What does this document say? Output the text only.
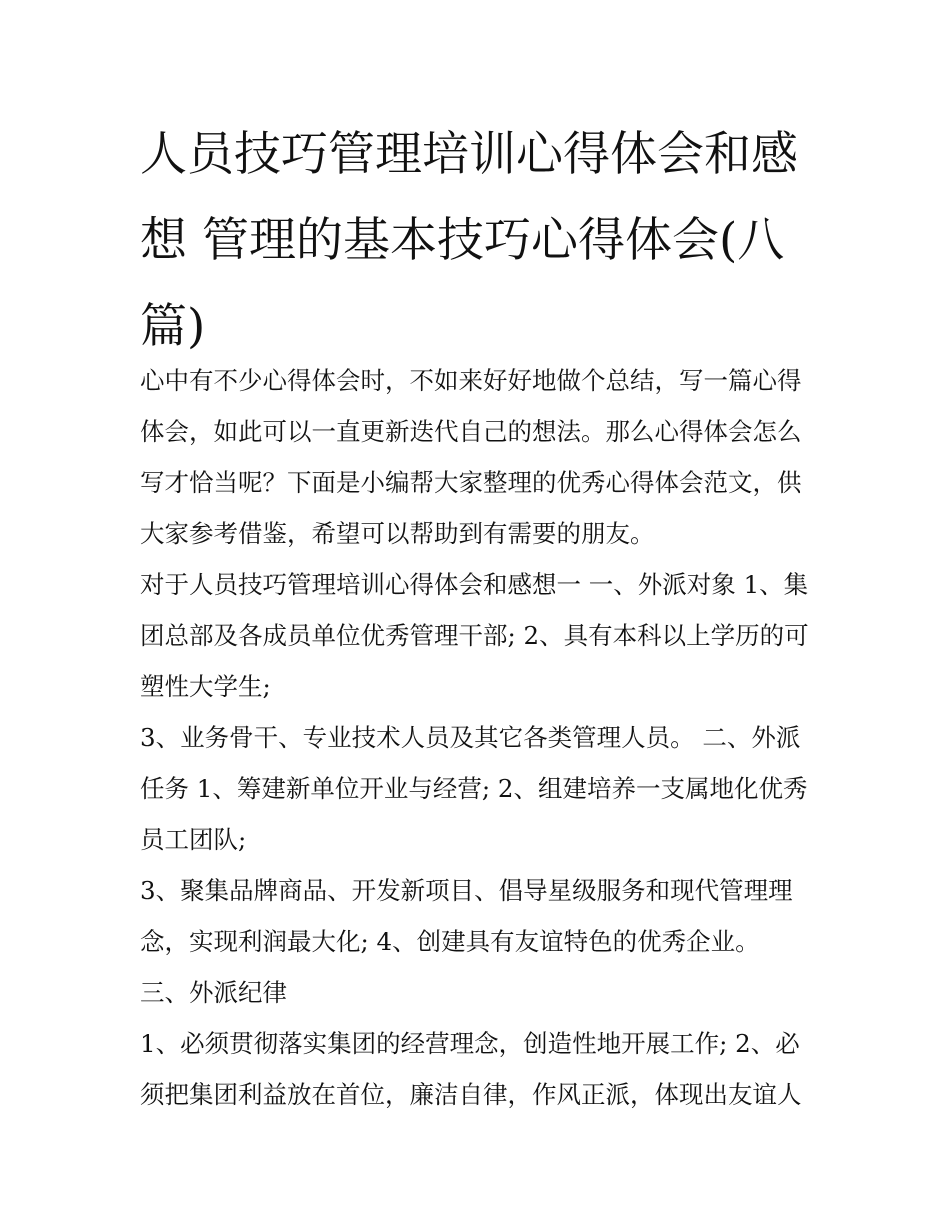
人员技巧管理培训心得体会和感想 管理的基本技巧心得体会(八篇)

心中有不少心得体会时，不如来好好地做个总结，写一篇心得体会，如此可以一直更新迭代自己的想法。那么心得体会怎么写才恰当呢？下面是小编帮大家整理的优秀心得体会范文，供大家参考借鉴，希望可以帮助到有需要的朋友。

对于人员技巧管理培训心得体会和感想一 一、外派对象 1、集团总部及各成员单位优秀管理干部; 2、具有本科以上学历的可塑性大学生;

3、业务骨干、专业技术人员及其它各类管理人员。 二、外派任务 1、筹建新单位开业与经营; 2、组建培养一支属地化优秀员工团队;

3、聚集品牌商品、开发新项目、倡导星级服务和现代管理理念，实现利润最大化; 4、创建具有友谊特色的优秀企业。

三、外派纪律

1、必须贯彻落实集团的经营理念，创造性地开展工作; 2、必须把集团利益放在首位，廉洁自律，作风正派，体现出友谊人
